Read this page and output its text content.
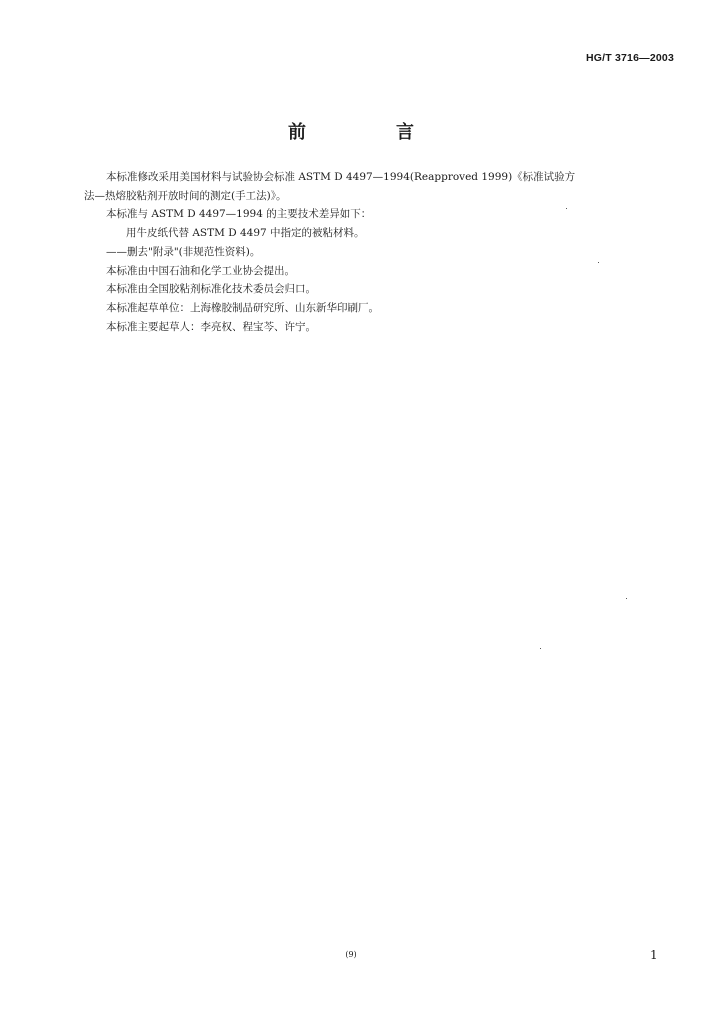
HG/T 3716—2003
前　言
本标准修改采用美国材料与试验协会标准 ASTM D 4497—1994(Reapproved 1999)《标准试验方
法—热熔胶粘剂开放时间的测定(手工法)》。
本标准与 ASTM D 4497—1994 的主要技术差异如下：
用牛皮纸代替 ASTM D 4497 中指定的被粘材料。
——删去"附录"(非规范性资料)。
本标准由中国石油和化学工业协会提出。
本标准由全国胶粘剂标准化技术委员会归口。
本标准起草单位：上海橡胶制品研究所、山东新华印刷厂。
本标准主要起草人：李亮权、程宝芩、许宁。
(9)	1
